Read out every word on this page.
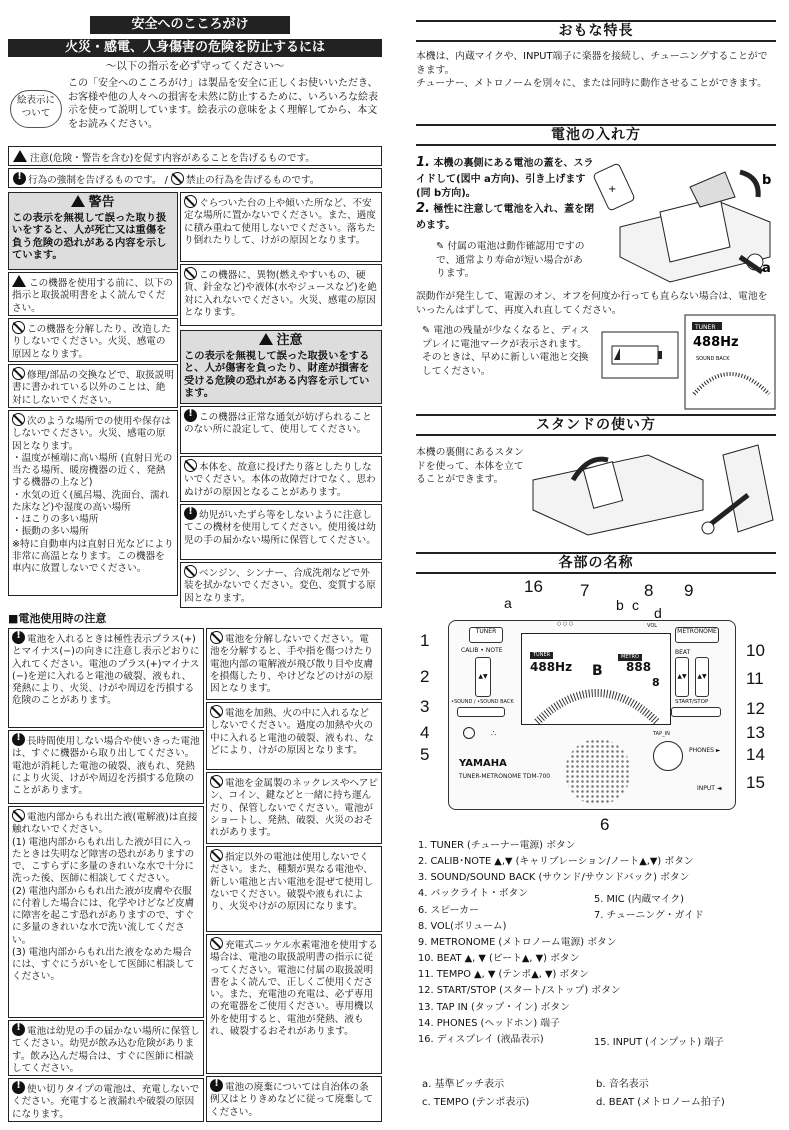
安全へのこころがけ
火災・感電、人身傷害の危険を防止するには
〜以下の指示を必ず守ってください〜
絵表示について
この「安全へのこころがけ」は製品を安全に正しくお使いいただき、お客様や他の人々への損害を未然に防止するために、いろいろな絵表示を使って説明しています。絵表示の意味をよく理解してから、本文をお読みください。
注意(危険・警告を含む)を促す内容があることを告げるものです。
!行為の強制を告げるものです。 / 禁止の行為を告げるものです。
警告
この表示を無視して誤った取り扱いをすると、人が死亡又は重傷を負う危険の恐れがある内容を示しています。
この機器を使用する前に、以下の指示と取扱説明書をよく読んでください。
この機器を分解したり、改造したりしないでください。火災、感電の原因となります。
修理/部品の交換などで、取扱説明書に書かれている以外のことは、絶対にしないでください。
次のような場所での使用や保存はしないでください。火災、感電の原因となります。
・温度が極端に高い場所 (直射日光の当たる場所、暖房機器の近く、発熱する機器の上など)
・水気の近く(風呂場、洗面台、濡れた床など)や湿度の高い場所
・ほこりの多い場所
・振動の多い場所
※特に自動車内は直射日光などにより非常に高温となります。この機器を車内に放置しないでください。
ぐらついた台の上や傾いた所など、不安定な場所に置かないでください。また、過度に積み重ねて使用しないでください。落ちたり倒れたりして、けがの原因となります。
この機器に、異物(燃えやすいもの、硬貨、針金など)や液体(水やジュースなど)を絶対に入れないでください。火災、感電の原因となります。
注意
この表示を無視して誤った取扱いをすると、人が傷害を負ったり、財産が損害を受ける危険の恐れがある内容を示しています。
!この機器は正常な通気が妨げられることのない所に設定して、使用してください。
本体を、故意に投げたり落としたりしないでください。本体の故障だけでなく、思わぬけがの原因となることがあります。
!幼児がいたずら等をしないように注意してこの機材を使用してください。使用後は幼児の手の届かない場所に保管してください。
ベンジン、シンナー、合成洗剤などで外装を拭かないでください。変色、変質する原因となります。
■電池使用時の注意
!電池を入れるときは極性表示プラス(+)とマイナス(−)の向きに注意し表示どおりに入れてください。電池のプラス(+)マイナス(−)を逆に入れると電池の破裂、液もれ、発熱により、火災、けがや周辺を汚損する危険のことがあります。
!長時間使用しない場合や使いきった電池は、すぐに機器から取り出してください。電池が消耗した電池の破裂、液もれ、発熱により火災、けがや周辺を汚損する危険のことがあります。
電池内部からもれ出た液(電解液)は直接触れないでください。
(1) 電池内部からもれ出した液が目に入ったときは失明など障害の恐れがありますので、こすらずに多量のきれいな水で十分に洗った後、医師に相談してください。
(2) 電池内部からもれ出た液が皮膚や衣服に付着した場合には、化学やけどなど皮膚に障害を起こす恐れがありますので、すぐに多量のきれいな水で洗い流してください。
(3) 電池内部からもれ出た液をなめた場合には、すぐにうがいをして医師に相談してください。
!電池は幼児の手の届かない場所に保管してください。幼児が飲み込む危険があります。飲み込んだ場合は、すぐに医師に相談してください。
!使い切りタイプの電池は、充電しないでください。充電すると液漏れや破裂の原因になります。
電池を分解しないでください。電池を分解すると、手や指を傷つけたり電池内部の電解液が飛び散り目や皮膚を損傷したり、やけどなどのけがの原因となります。
電池を加熱、火の中に入れるなどしないでください。過度の加熱や火の中に入れると電池の破裂、液もれ、などにより、けがの原因となります。
電池を金属製のネックレスやヘアピン、コイン、鍵などと一緒に持ち運んだり、保管しないでください。電池がショートし、発熱、破裂、火災のおそれがあります。
指定以外の電池は使用しないでください。また、種類が異なる電池や、新しい電池と古い電池を混ぜて使用しないでください。破裂や液もれにより、火災やけがの原因になります。
充電式ニッケル水素電池を使用する場合は、電池の取扱説明書の指示に従ってください。電池に付属の取扱説明書をよく読んで、正しくご使用ください。また、充電池の充電は、必ず専用の充電器をご使用ください。専用機以外を使用すると、電池が発熱、液もれ、破裂するおそれがあります。
!電池の廃棄については自治体の条例又はとりきめなどに従って廃棄してください。
おもな特長
本機は、内蔵マイクや、INPUT端子に楽器を接続し、チューニングすることができます。
チューナー、メトロノームを別々に、または同時に動作させることができます。
電池の入れ方
1. 本機の裏側にある電池の蓋を、スライドして(図中 a方向)、引き上げます(同 b方向)。
2. 極性に注意して電池を入れ、蓋を閉めます。
✎ 付属の電池は動作確認用ですので、通常より寿命が短い場合があります。
+
b
a
誤動作が発生して、電源のオン、オフを何度か行っても直らない場合は、電池をいったんはずして、再度入れ直してください。
✎ 電池の残量が少なくなると、ディスプレイに電池マークが表示されます。そのときは、早めに新しい電池と交換してください。
TUNER
488Hz
SOUND BACK
スタンドの使い方
本機の裏側にあるスタンドを使って、本体を立てることができます。
各部の名称
TUNER
CALIB • NOTE
▲▼
•SOUND / •SOUND BACK
∴
TUNER
488Hz B
METRO
888
8
○ ○ ○	VOL
METRONOME
BEAT
▲▼	▲▼
START/STOP
TAP_IN
PHONES ►
INPUT ◄
YAMAHA
TUNER-METRONOME TDM-700
1
2
3
4
5
6
7	8 9
10
11
12
13
14
15
16
a	b c d
1. TUNER (チューナー電源) ボタン
2. CALIB･NOTE ▲,▼ (キャリブレーション/ノート▲,▼) ボタン
3. SOUND/SOUND BACK (サウンド/サウンドバック) ボタン
4. バックライト・ボタン
6. スピーカー
8. VOL(ボリューム)
9. METRONOME (メトロノーム電源) ボタン
10. BEAT ▲, ▼ (ビート▲, ▼) ボタン
11. TEMPO ▲, ▼ (テンポ▲, ▼) ボタン
12. START/STOP (スタート/ストップ) ボタン
13. TAP IN (タップ・イン) ボタン
14. PHONES (ヘッドホン) 端子
16. ディスプレイ (液晶表示)
5. MIC (内蔵マイク)
7. チューニング・ガイド
15. INPUT (インプット) 端子
a. 基準ピッチ表示	b. 音名表示
c. TEMPO (テンポ表示)	d. BEAT (メトロノーム拍子)
